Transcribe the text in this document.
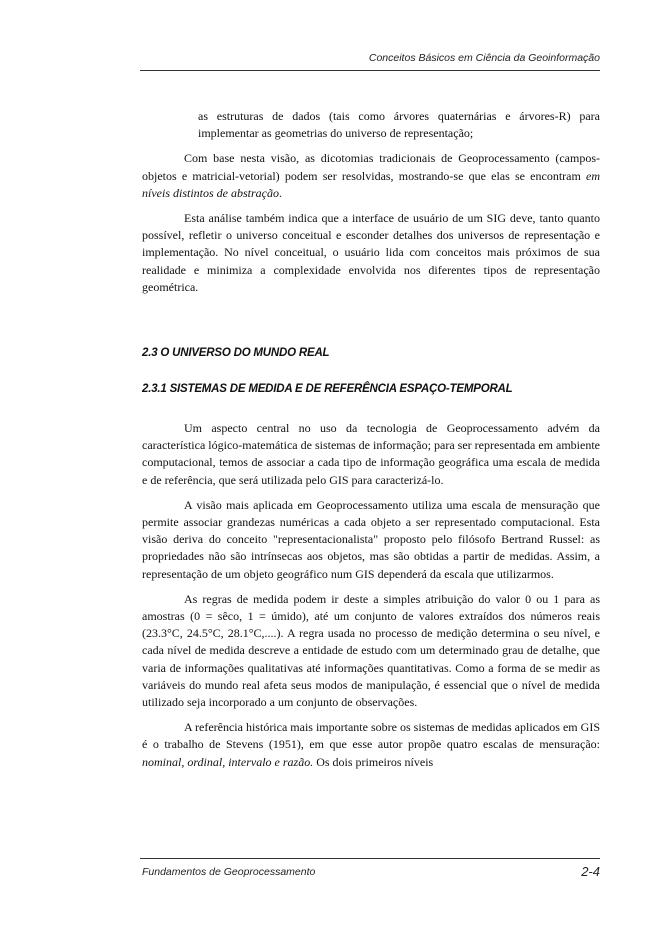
Conceitos Básicos em Ciência da Geoinformação

as estruturas de dados (tais como árvores quaternárias e árvores-R) para implementar as geometrias do universo de representação;

Com base nesta visão, as dicotomias tradicionais de Geoprocessamento (campos-objetos e matricial-vetorial) podem ser resolvidas, mostrando-se que elas se encontram em níveis distintos de abstração.

Esta análise também indica que a interface de usuário de um SIG deve, tanto quanto possível, refletir o universo conceitual e esconder detalhes dos universos de representação e implementação. No nível conceitual, o usuário lida com conceitos mais próximos de sua realidade e minimiza a complexidade envolvida nos diferentes tipos de representação geométrica.

2.3 O UNIVERSO DO MUNDO REAL
2.3.1 SISTEMAS DE MEDIDA E DE REFERÊNCIA ESPAÇO-TEMPORAL

Um aspecto central no uso da tecnologia de Geoprocessamento advém da característica lógico-matemática de sistemas de informação; para ser representada em ambiente computacional, temos de associar a cada tipo de informação geográfica uma escala de medida e de referência, que será utilizada pelo GIS para caracterizá-lo.

A visão mais aplicada em Geoprocessamento utiliza uma escala de mensuração que permite associar grandezas numéricas a cada objeto a ser representado computacional. Esta visão deriva do conceito "representacionalista" proposto pelo filósofo Bertrand Russel: as propriedades não são intrínsecas aos objetos, mas são obtidas a partir de medidas. Assim, a representação de um objeto geográfico num GIS dependerá da escala que utilizarmos.

As regras de medida podem ir deste a simples atribuição do valor 0 ou 1 para as amostras (0 = sêco, 1 = úmido), até um conjunto de valores extraídos dos números reais (23.3°C, 24.5°C, 28.1°C,....). A regra usada no processo de medição determina o seu nível, e cada nível de medida descreve a entidade de estudo com um determinado grau de detalhe, que varia de informações qualitativas até informações quantitativas. Como a forma de se medir as variáveis do mundo real afeta seus modos de manipulação, é essencial que o nível de medida utilizado seja incorporado a um conjunto de observações.

A referência histórica mais importante sobre os sistemas de medidas aplicados em GIS é o trabalho de Stevens (1951), em que esse autor propõe quatro escalas de mensuração: nominal, ordinal, intervalo e razão. Os dois primeiros níveis

Fundamentos de Geoprocessamento	2-4
